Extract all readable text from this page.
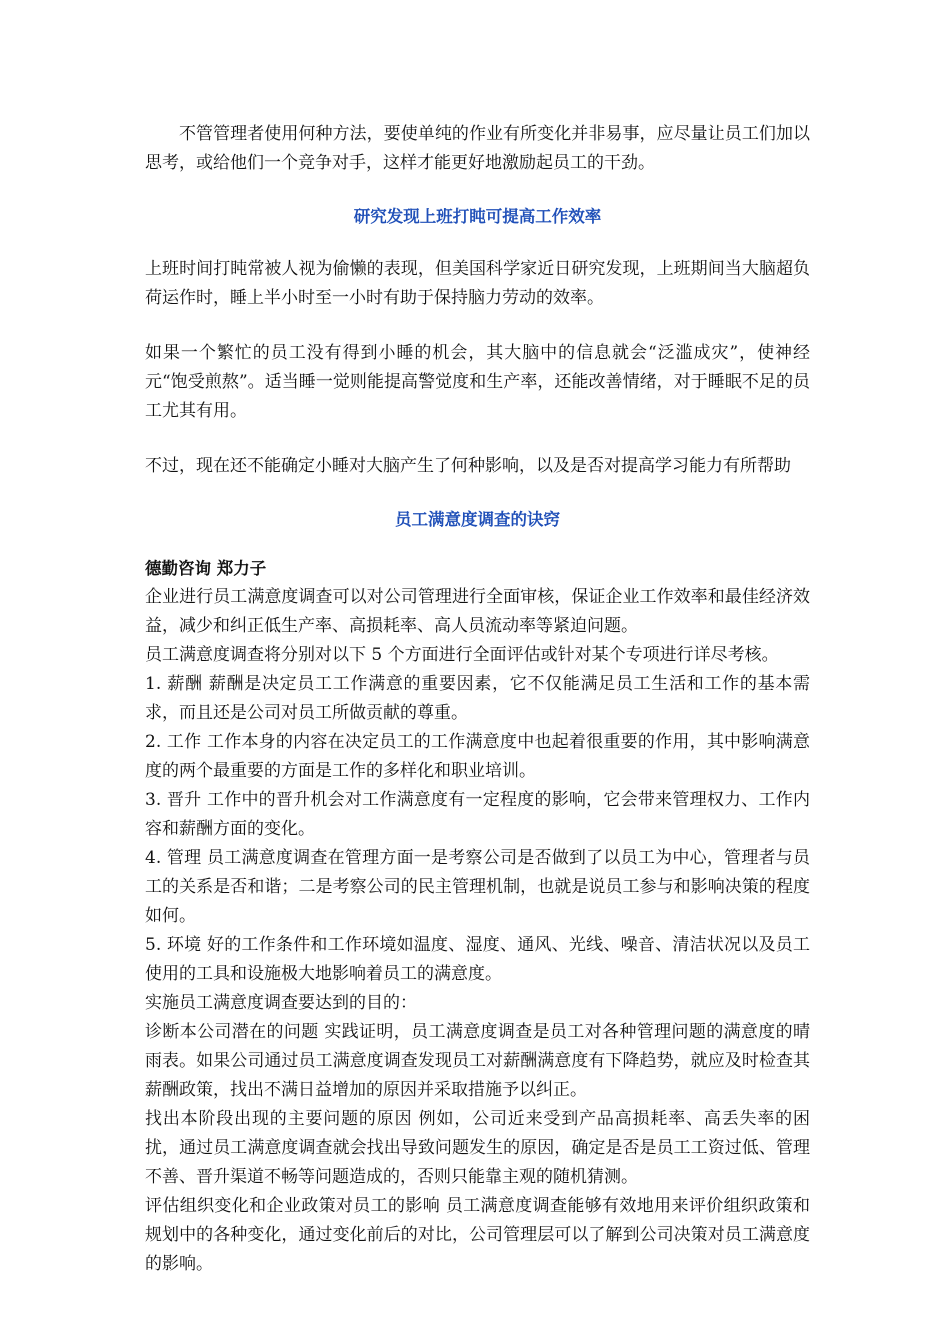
不管管理者使用何种方法，要使单纯的作业有所变化并非易事，应尽量让员工们加以思考，或给他们一个竞争对手，这样才能更好地激励起员工的干劲。

研究发现上班打盹可提高工作效率

上班时间打盹常被人视为偷懒的表现，但美国科学家近日研究发现，上班期间当大脑超负荷运作时，睡上半小时至一小时有助于保持脑力劳动的效率。

如果一个繁忙的员工没有得到小睡的机会，其大脑中的信息就会“泛滥成灾”，使神经元“饱受煎熬”。适当睡一觉则能提高警觉度和生产率，还能改善情绪，对于睡眠不足的员工尤其有用。

不过，现在还不能确定小睡对大脑产生了何种影响，以及是否对提高学习能力有所帮助

员工满意度调查的诀窍
德勤咨询 郑力子

企业进行员工满意度调查可以对公司管理进行全面审核，保证企业工作效率和最佳经济效益，减少和纠正低生产率、高损耗率、高人员流动率等紧迫问题。

员工满意度调查将分别对以下 5 个方面进行全面评估或针对某个专项进行详尽考核。

1. 薪酬 薪酬是决定员工工作满意的重要因素，它不仅能满足员工生活和工作的基本需求，而且还是公司对员工所做贡献的尊重。

2. 工作 工作本身的内容在决定员工的工作满意度中也起着很重要的作用，其中影响满意度的两个最重要的方面是工作的多样化和职业培训。

3. 晋升 工作中的晋升机会对工作满意度有一定程度的影响，它会带来管理权力、工作内容和薪酬方面的变化。

4. 管理 员工满意度调查在管理方面一是考察公司是否做到了以员工为中心，管理者与员工的关系是否和谐；二是考察公司的民主管理机制，也就是说员工参与和影响决策的程度如何。

5. 环境 好的工作条件和工作环境如温度、湿度、通风、光线、噪音、清洁状况以及员工使用的工具和设施极大地影响着员工的满意度。

实施员工满意度调查要达到的目的：

诊断本公司潜在的问题 实践证明，员工满意度调查是员工对各种管理问题的满意度的晴雨表。如果公司通过员工满意度调查发现员工对薪酬满意度有下降趋势，就应及时检查其薪酬政策，找出不满日益增加的原因并采取措施予以纠正。

找出本阶段出现的主要问题的原因 例如，公司近来受到产品高损耗率、高丢失率的困扰，通过员工满意度调查就会找出导致问题发生的原因，确定是否是员工工资过低、管理不善、晋升渠道不畅等问题造成的，否则只能靠主观的随机猜测。

评估组织变化和企业政策对员工的影响 员工满意度调查能够有效地用来评价组织政策和规划中的各种变化，通过变化前后的对比，公司管理层可以了解到公司决策对员工满意度的影响。
